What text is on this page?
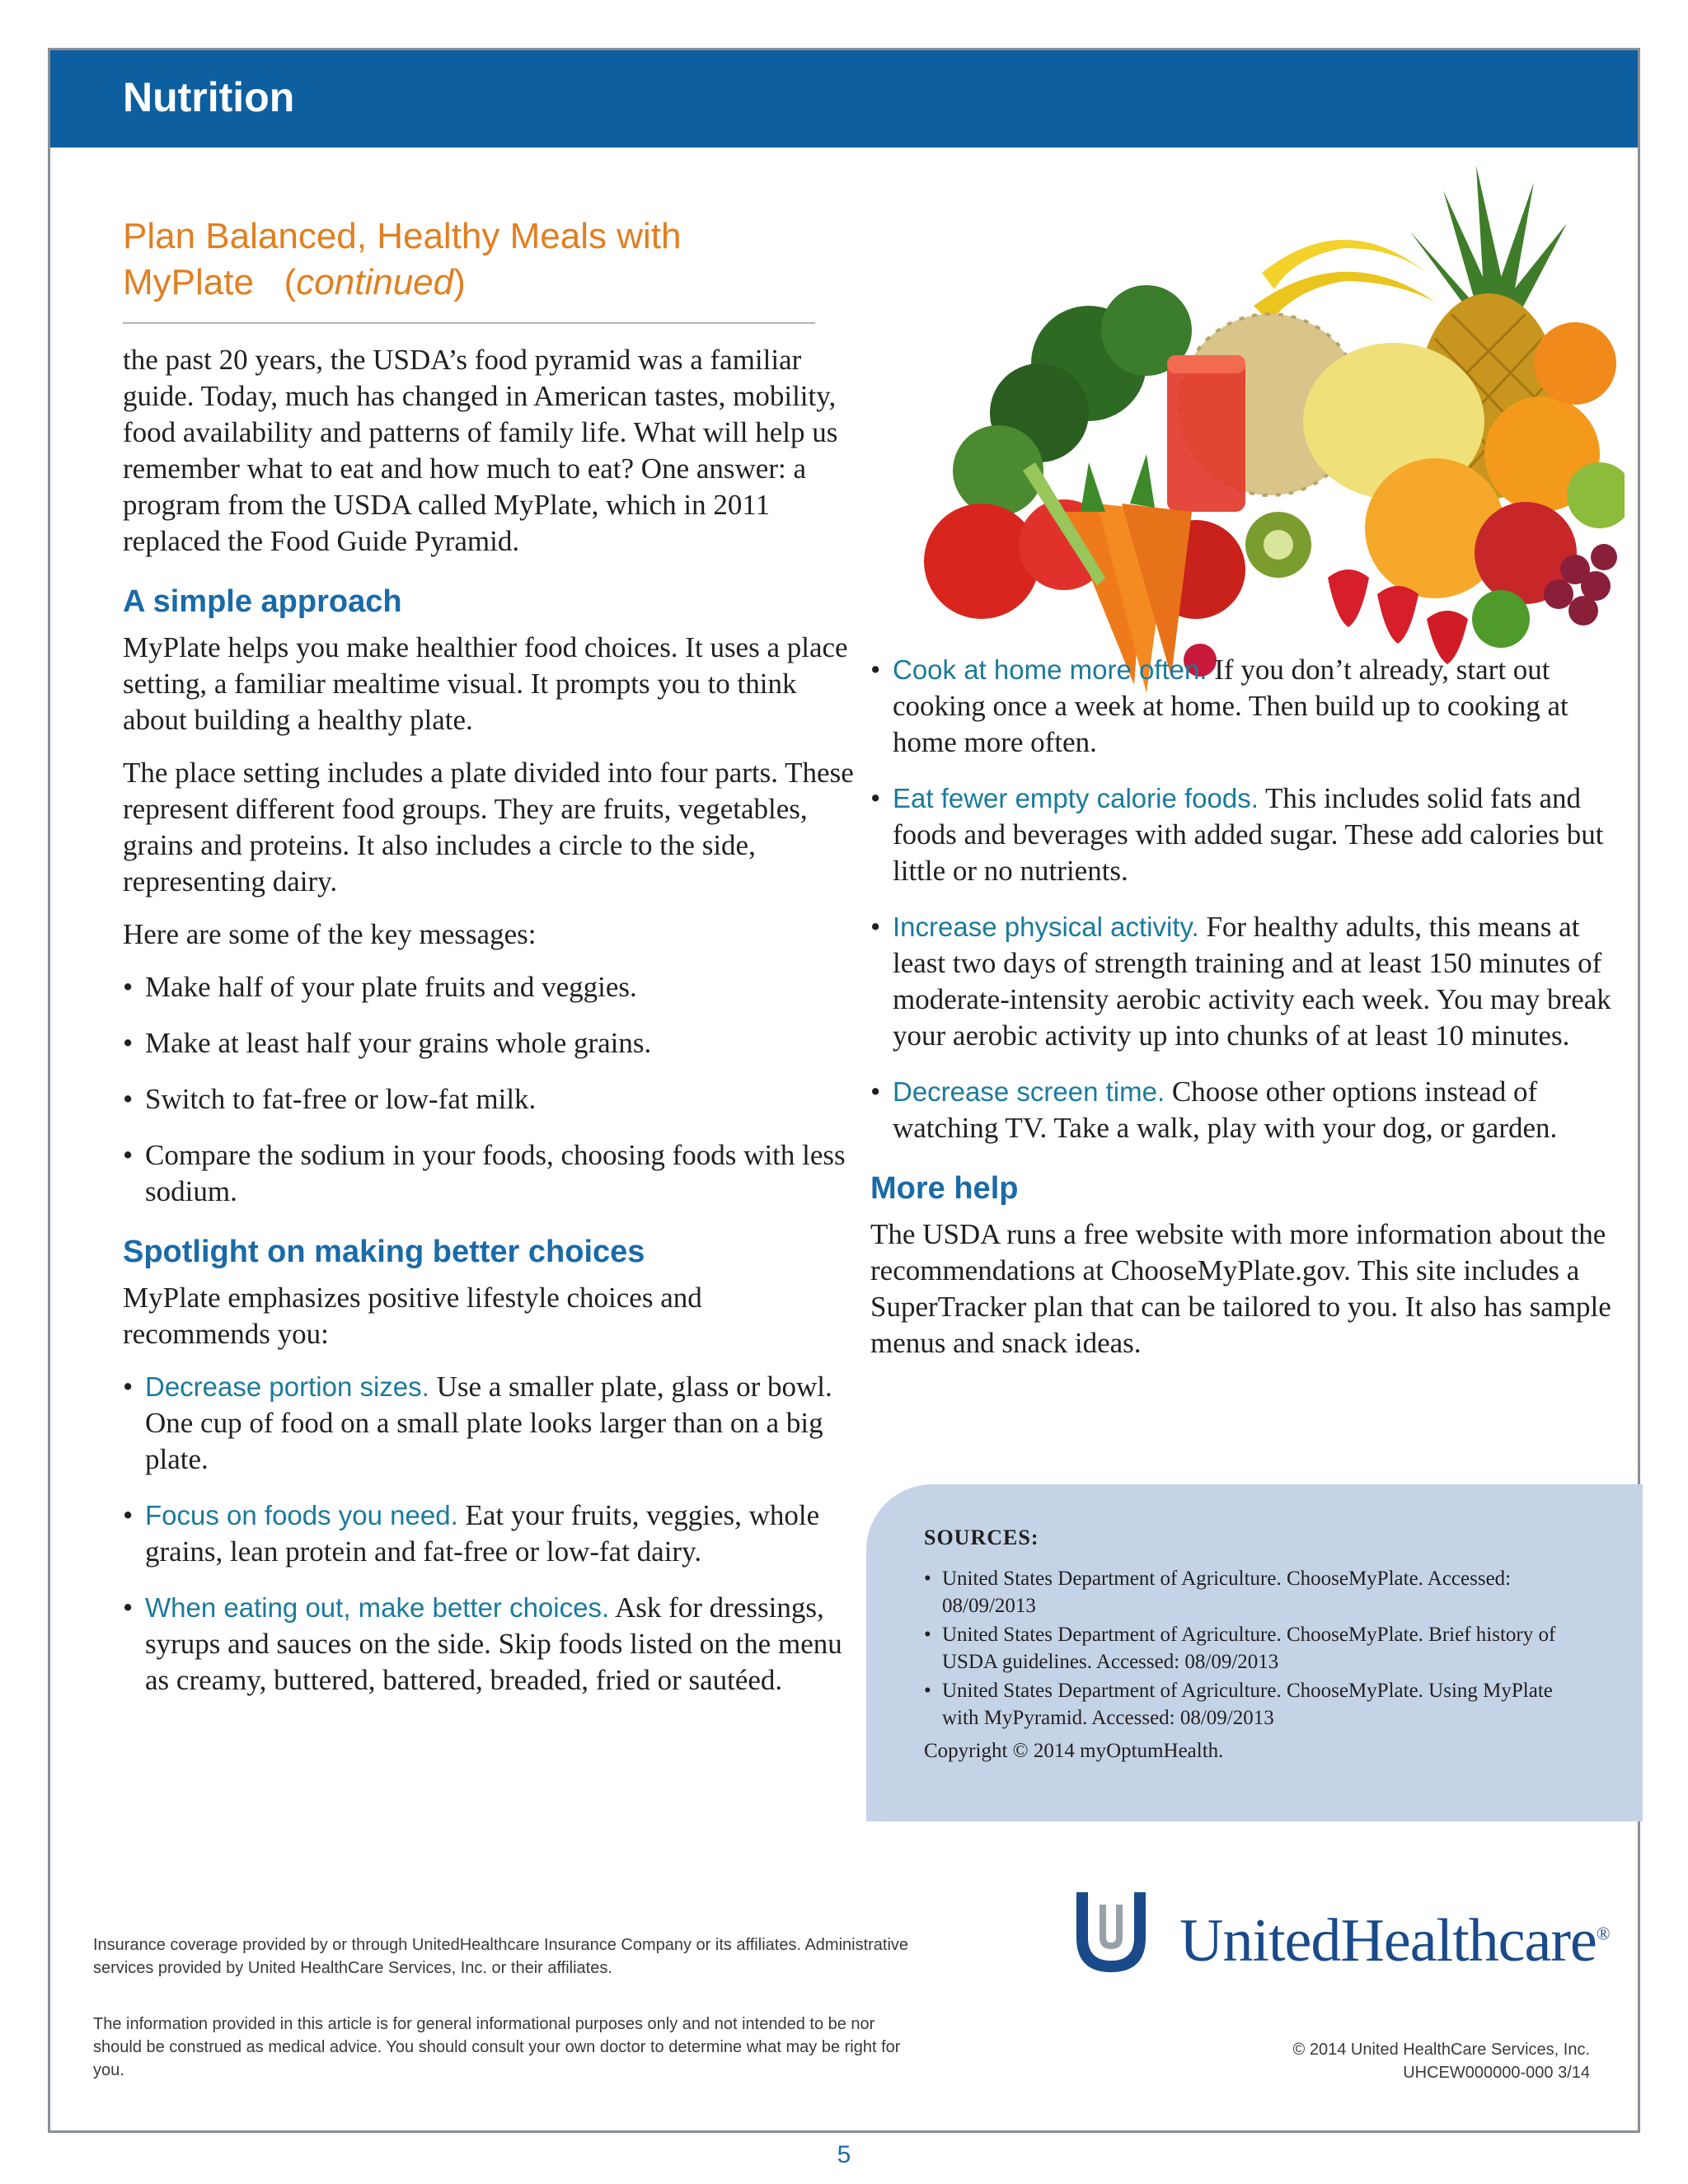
Nutrition
Plan Balanced, Healthy Meals with MyPlate (continued)

the past 20 years, the USDA’s food pyramid was a familiar guide. Today, much has changed in American tastes, mobility, food availability and patterns of family life. What will help us remember what to eat and how much to eat? One answer: a program from the USDA called MyPlate, which in 2011 replaced the Food Guide Pyramid.

A simple approach

MyPlate helps you make healthier food choices. It uses a place setting, a familiar mealtime visual. It prompts you to think about building a healthy plate.

The place setting includes a plate divided into four parts. These represent different food groups. They are fruits, vegetables, grains and proteins. It also includes a circle to the side, representing dairy.

Here are some of the key messages:

• Make half of your plate fruits and veggies.
• Make at least half your grains whole grains.
• Switch to fat-free or low-fat milk.
• Compare the sodium in your foods, choosing foods with less sodium.
Spotlight on making better choices

MyPlate emphasizes positive lifestyle choices and recommends you:

• Decrease portion sizes. Use a smaller plate, glass or bowl. One cup of food on a small plate looks larger than on a big plate.
• Focus on foods you need. Eat your fruits, veggies, whole grains, lean protein and fat-free or low-fat dairy.
• When eating out, make better choices. Ask for dressings, syrups and sauces on the side. Skip foods listed on the menu as creamy, buttered, battered, breaded, fried or sautéed.
• Cook at home more often. If you don’t already, start out cooking once a week at home. Then build up to cooking at home more often.
• Eat fewer empty calorie foods. This includes solid fats and foods and beverages with added sugar. These add calories but little or no nutrients.
• Increase physical activity. For healthy adults, this means at least two days of strength training and at least 150 minutes of moderate-intensity aerobic activity each week. You may break your aerobic activity up into chunks of at least 10 minutes.
• Decrease screen time. Choose other options instead of watching TV. Take a walk, play with your dog, or garden.
More help

The USDA runs a free website with more information about the recommendations at ChooseMyPlate.gov. This site includes a SuperTracker plan that can be tailored to you. It also has sample menus and snack ideas.

SOURCES:
• United States Department of Agriculture. ChooseMyPlate. Accessed: 08/09/2013
• United States Department of Agriculture. ChooseMyPlate. Brief history of USDA guidelines. Accessed: 08/09/2013
• United States Department of Agriculture. ChooseMyPlate. Using MyPlate with MyPyramid. Accessed: 08/09/2013
Copyright © 2014 myOptumHealth.
UnitedHealthcare®
Insurance coverage provided by or through UnitedHealthcare Insurance Company or its affiliates. Administrative services provided by United HealthCare Services, Inc. or their affiliates.
The information provided in this article is for general informational purposes only and not intended to be nor should be construed as medical advice. You should consult your own doctor to determine what may be right for you.
© 2014 United HealthCare Services, Inc.
UHCEW000000-000 3/14
5
